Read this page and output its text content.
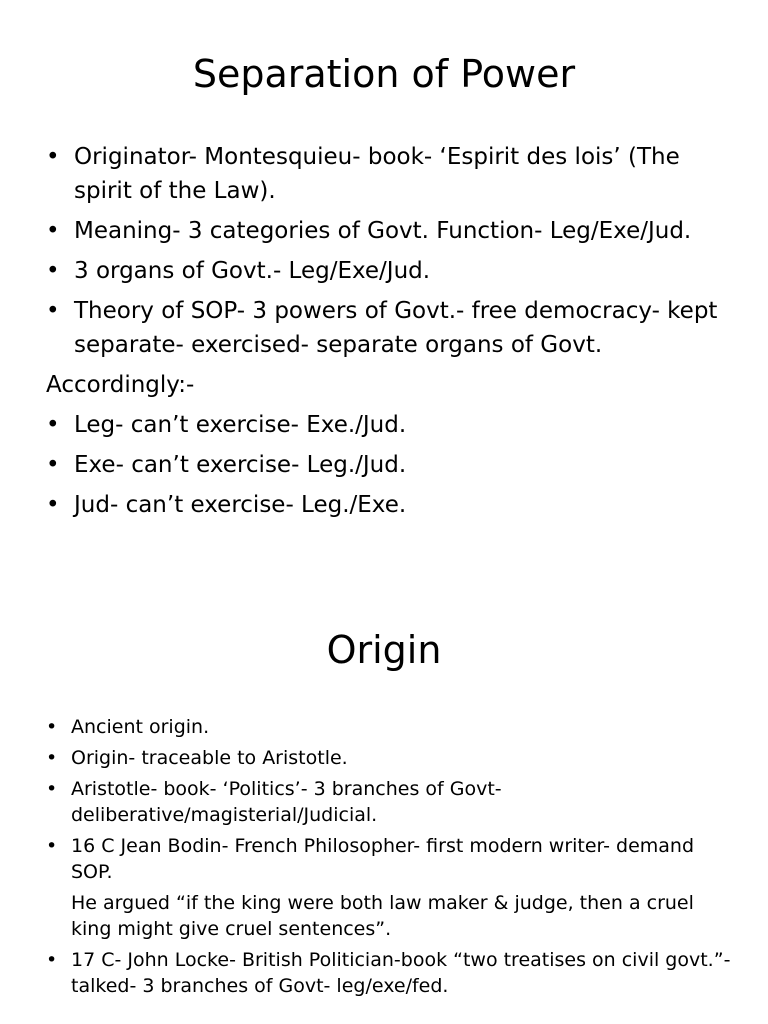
Separation of Power
• Originator- Montesquieu- book- ‘Espirit des lois’ (The spirit of the Law).
• Meaning- 3 categories of Govt. Function- Leg/Exe/Jud.
• 3 organs of Govt.- Leg/Exe/Jud.
• Theory of SOP- 3 powers of Govt.- free democracy- kept separate- exercised- separate organs of Govt.
Accordingly:-
• Leg- can’t exercise- Exe./Jud.
• Exe- can’t exercise- Leg./Jud.
• Jud- can’t exercise- Leg./Exe.
Origin
• Ancient origin.
• Origin- traceable to Aristotle.
• Aristotle- book- ‘Politics’- 3 branches of Govt- deliberative/magisterial/Judicial.
• 16 C Jean Bodin- French Philosopher- first modern writer- demand SOP.
He argued “if the king were both law maker & judge, then a cruel king might give cruel sentences”.
• 17 C- John Locke- British Politician-book “two treatises on civil govt.”- talked- 3 branches of Govt- leg/exe/fed.
